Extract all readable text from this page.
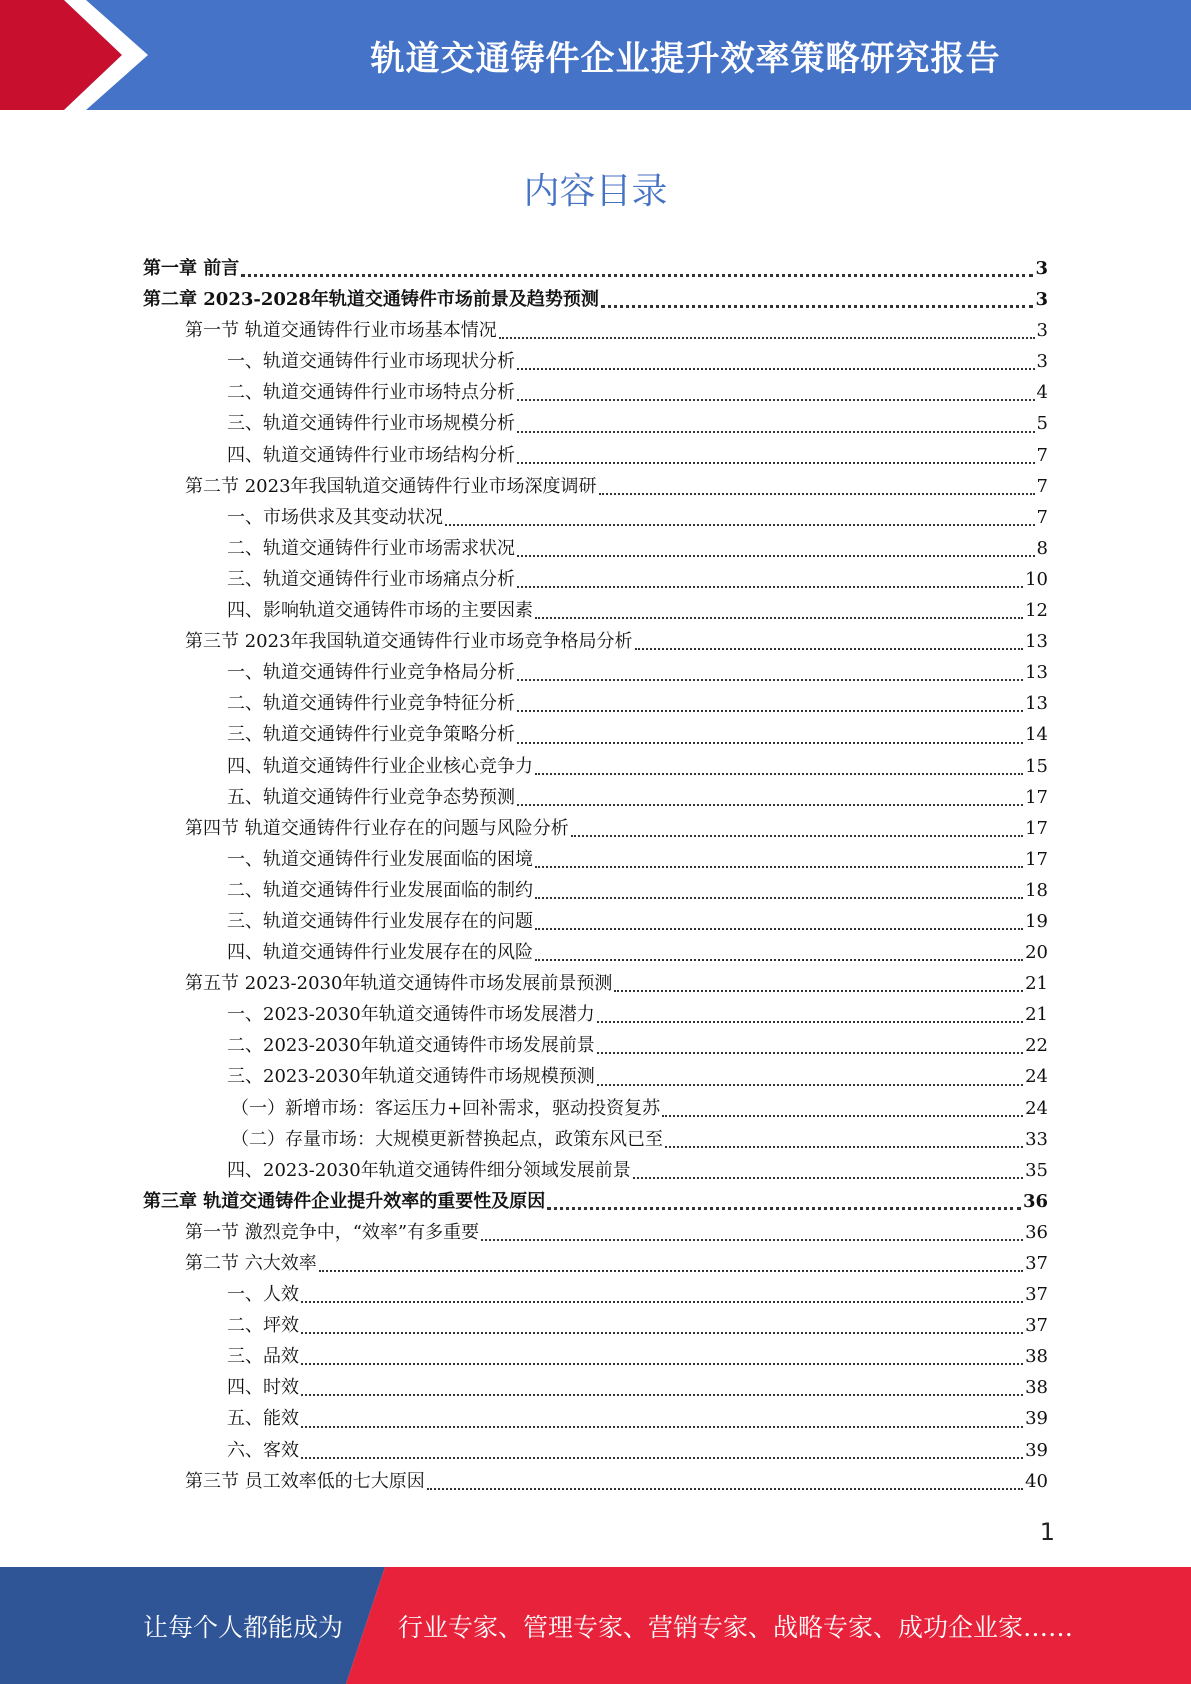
轨道交通铸件企业提升效率策略研究报告
内容目录
第一章 前言	3
第二章 2023-2028年轨道交通铸件市场前景及趋势预测	3
第一节 轨道交通铸件行业市场基本情况	3
一、轨道交通铸件行业市场现状分析	3
二、轨道交通铸件行业市场特点分析	4
三、轨道交通铸件行业市场规模分析	5
四、轨道交通铸件行业市场结构分析	7
第二节 2023年我国轨道交通铸件行业市场深度调研	7
一、市场供求及其变动状况	7
二、轨道交通铸件行业市场需求状况	8
三、轨道交通铸件行业市场痛点分析	10
四、影响轨道交通铸件市场的主要因素	12
第三节 2023年我国轨道交通铸件行业市场竞争格局分析	13
一、轨道交通铸件行业竞争格局分析	13
二、轨道交通铸件行业竞争特征分析	13
三、轨道交通铸件行业竞争策略分析	14
四、轨道交通铸件行业企业核心竞争力	15
五、轨道交通铸件行业竞争态势预测	17
第四节 轨道交通铸件行业存在的问题与风险分析	17
一、轨道交通铸件行业发展面临的困境	17
二、轨道交通铸件行业发展面临的制约	18
三、轨道交通铸件行业发展存在的问题	19
四、轨道交通铸件行业发展存在的风险	20
第五节 2023-2030年轨道交通铸件市场发展前景预测	21
一、2023-2030年轨道交通铸件市场发展潜力	21
二、2023-2030年轨道交通铸件市场发展前景	22
三、2023-2030年轨道交通铸件市场规模预测	24
（一）新增市场：客运压力+回补需求，驱动投资复苏	24
（二）存量市场：大规模更新替换起点，政策东风已至	33
四、2023-2030年轨道交通铸件细分领域发展前景	35
第三章 轨道交通铸件企业提升效率的重要性及原因	36
第一节 激烈竞争中，“效率”有多重要	36
第二节 六大效率	37
一、人效	37
二、坪效	37
三、品效	38
四、时效	38
五、能效	39
六、客效	39
第三节 员工效率低的七大原因	40
1
让每个人都能成为 行业专家、管理专家、营销专家、战略专家、成功企业家……
